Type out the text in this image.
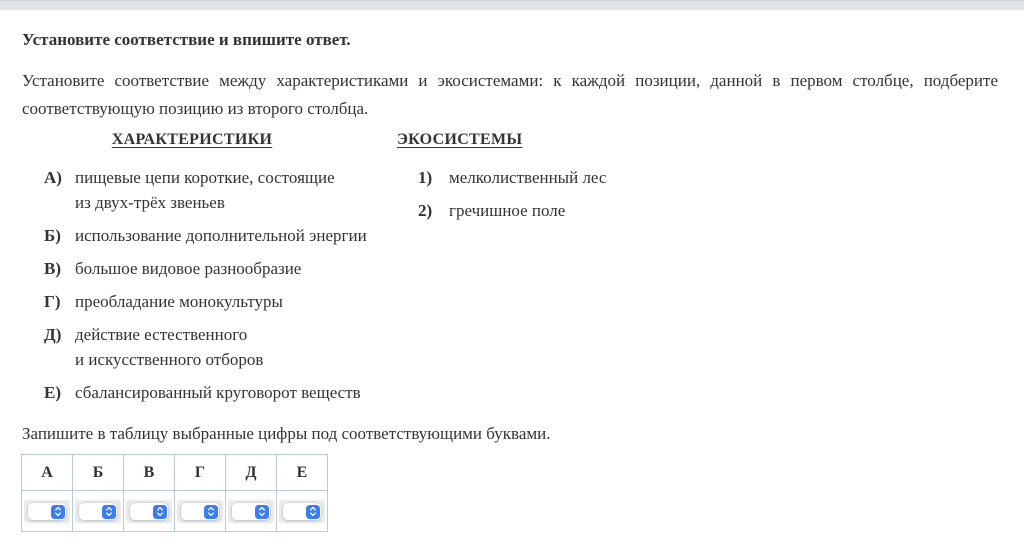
Установите соответствие и впишите ответ.

Установите соответствие между характеристиками и экосистемами: к каждой позиции, данной в первом столбце, подберите соответствующую позицию из второго столбца.

ХАРАКТЕРИСТИКИ
А) пищевые цепи короткие, состоящие
из двух-трёх звеньев
Б) использование дополнительной энергии
В) большое видовое разнообразие
Г) преобладание монокультуры
Д) действие естественного
и искусственного отборов
Е) сбалансированный круговорот веществ
ЭКОСИСТЕМЫ
1) мелколиственный лес
2) гречишное поле
Запишите в таблицу выбранные цифры под соответствующими буквами.
А	Б	В	Г	Д	Е
